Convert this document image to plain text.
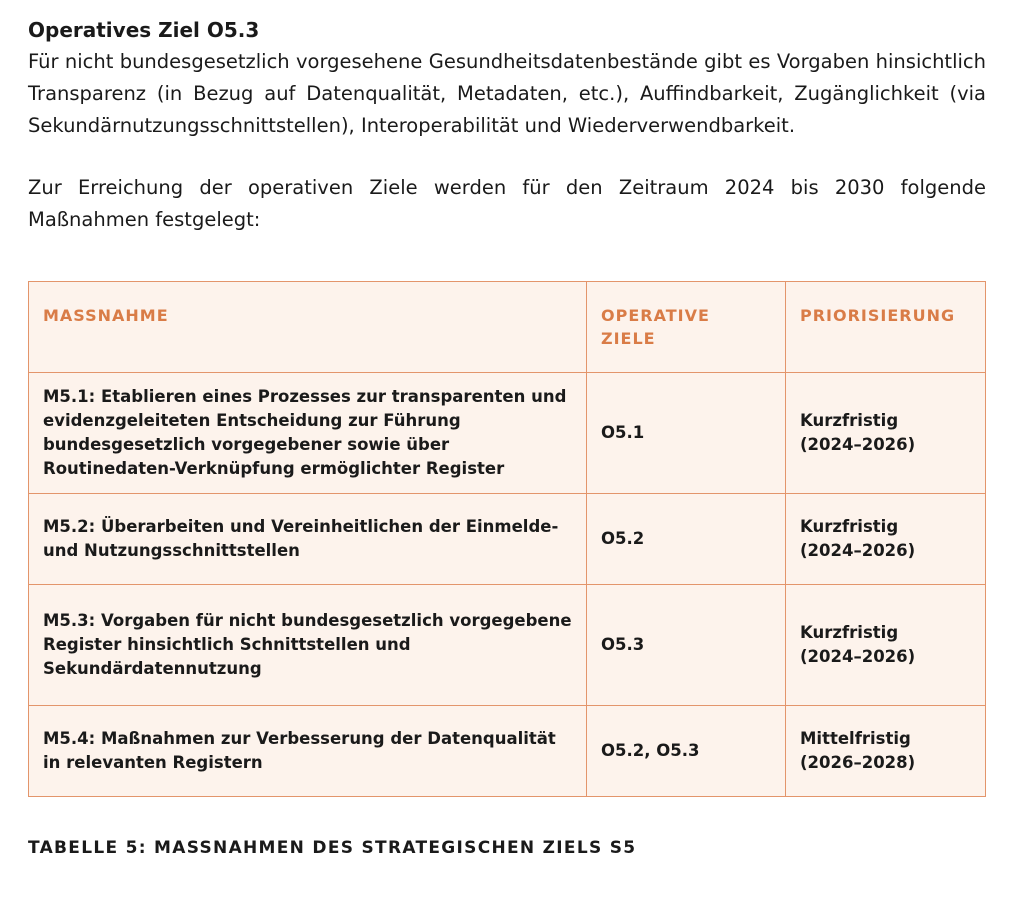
Operatives Ziel O5.3

Für nicht bundesgesetzlich vorgesehene Gesundheitsdatenbestände gibt es Vorgaben hinsichtlich Transparenz (in Bezug auf Datenqualität, Metadaten, etc.), Auffindbarkeit, Zugänglichkeit (via Sekundärnutzungsschnittstellen), Interoperabilität und Wiederverwendbarkeit.

Zur Erreichung der operativen Ziele werden für den Zeitraum 2024 bis 2030 folgende Maßnahmen festgelegt:

MASSNAHME	OPERATIVE ZIELE	PRIORISIERUNG
M5.1: Etablieren eines Prozesses zur transparenten und evidenzgeleiteten Entscheidung zur Führung bundesgesetzlich vorgegebener sowie über Routinedaten-Verknüpfung ermöglichter Register	O5.1	Kurzfristig
(2024–2026)

M5.2: Überarbeiten und Vereinheitlichen der Einmelde- und Nutzungsschnittstellen	O5.2	Kurzfristig
(2024–2026)

M5.3: Vorgaben für nicht bundesgesetzlich vorgegebene Register hinsichtlich Schnittstellen und Sekundärdatennutzung	O5.3	Kurzfristig
(2024–2026)

M5.4: Maßnahmen zur Verbesserung der Datenqualität in relevanten Registern	O5.2, O5.3	Mittelfristig
(2026–2028)

TABELLE 5: MASSNAHMEN DES STRATEGISCHEN ZIELS S5
